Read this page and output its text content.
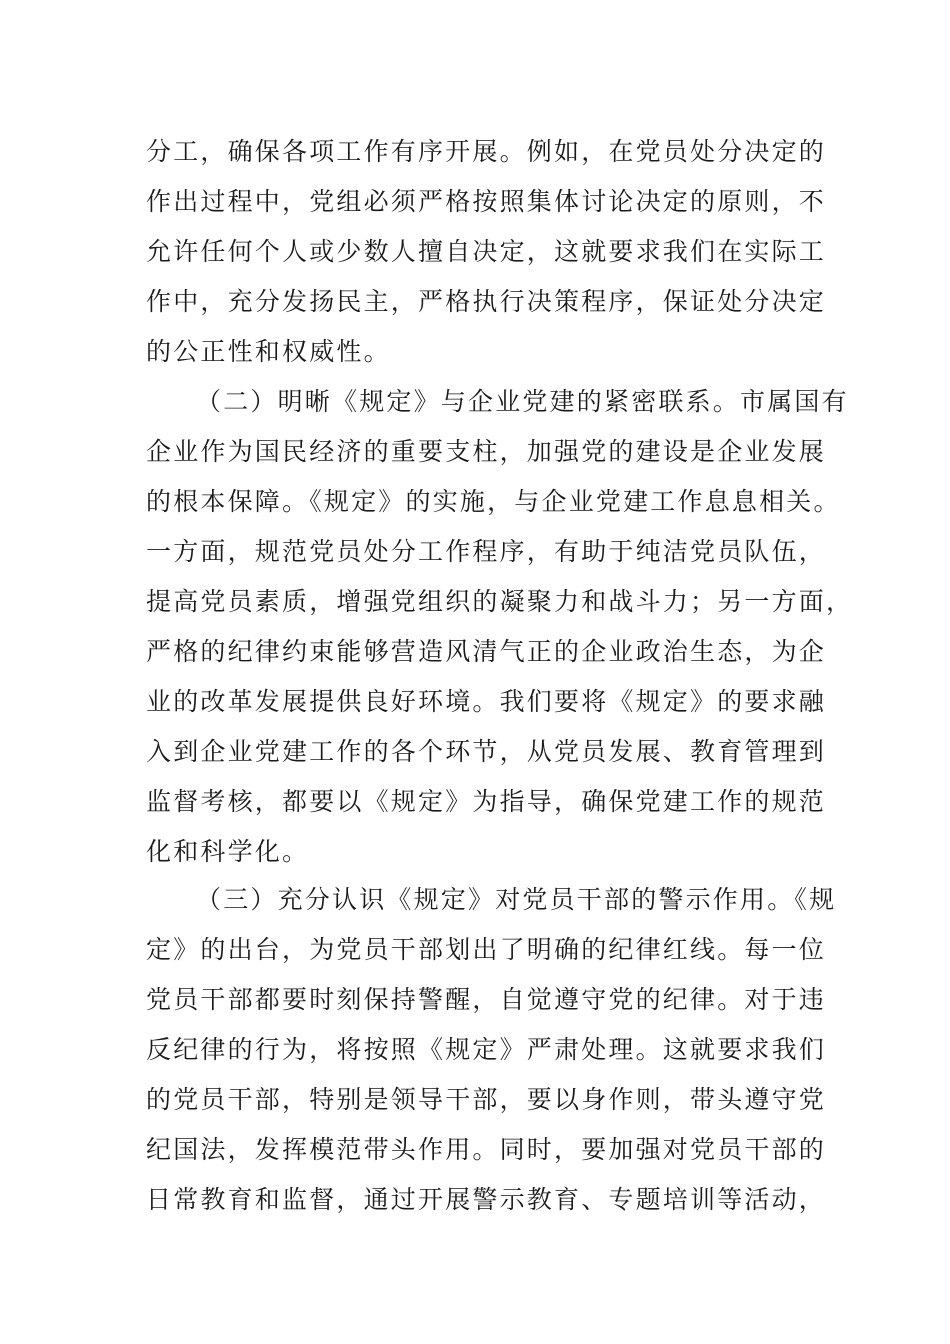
分工，确保各项工作有序开展。例如，在党员处分决定的
作出过程中，党组必须严格按照集体讨论决定的原则，不
允许任何个人或少数人擅自决定，这就要求我们在实际工
作中，充分发扬民主，严格执行决策程序，保证处分决定
的公正性和权威性。
（二）明晰《规定》与企业党建的紧密联系。市属国有
企业作为国民经济的重要支柱，加强党的建设是企业发展
的根本保障。《规定》的实施，与企业党建工作息息相关。
一方面，规范党员处分工作程序，有助于纯洁党员队伍，
提高党员素质，增强党组织的凝聚力和战斗力；另一方面，
严格的纪律约束能够营造风清气正的企业政治生态，为企
业的改革发展提供良好环境。我们要将《规定》的要求融
入到企业党建工作的各个环节，从党员发展、教育管理到
监督考核，都要以《规定》为指导，确保党建工作的规范
化和科学化。
（三）充分认识《规定》对党员干部的警示作用。《规
定》的出台，为党员干部划出了明确的纪律红线。每一位
党员干部都要时刻保持警醒，自觉遵守党的纪律。对于违
反纪律的行为，将按照《规定》严肃处理。这就要求我们
的党员干部，特别是领导干部，要以身作则，带头遵守党
纪国法，发挥模范带头作用。同时，要加强对党员干部的
日常教育和监督，通过开展警示教育、专题培训等活动，
